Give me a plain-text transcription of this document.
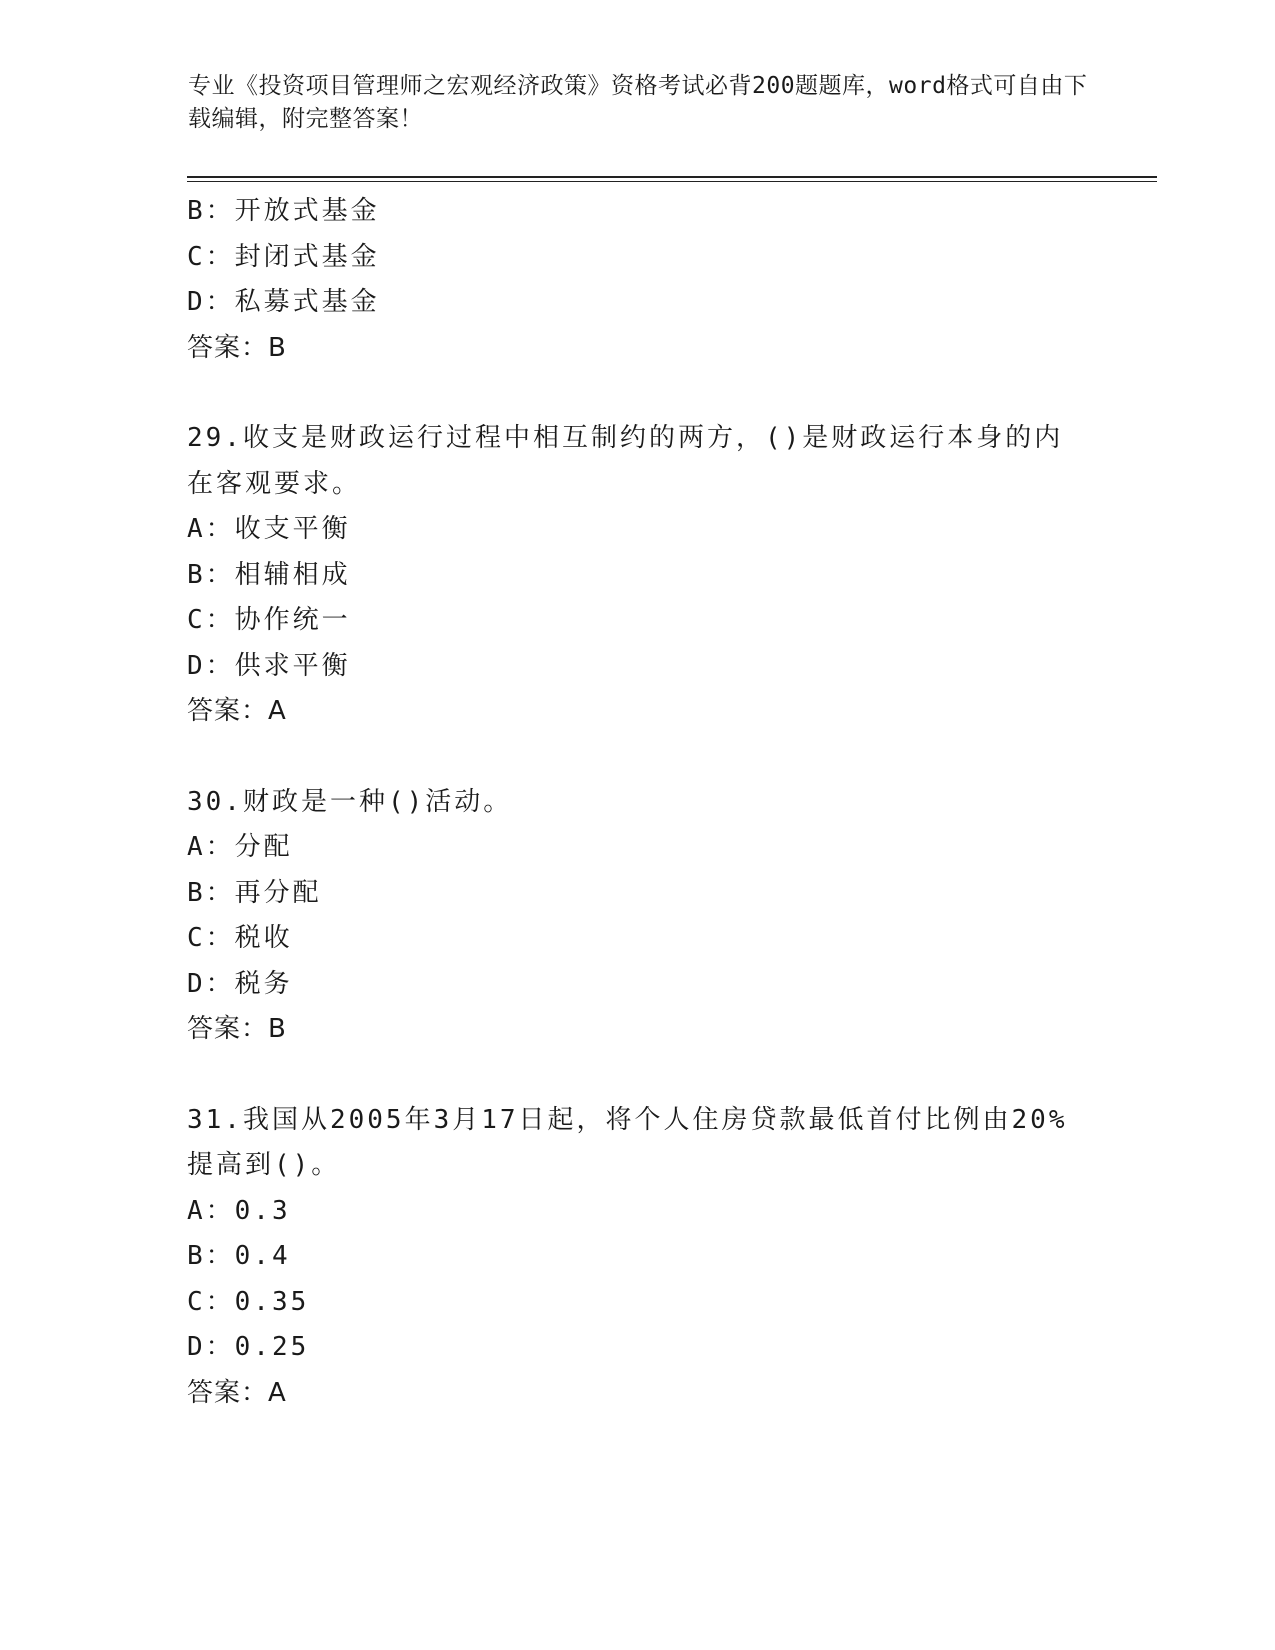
专业《投资项目管理师之宏观经济政策》资格考试必背200题题库，word格式可自由下载编辑，附完整答案！
B：开放式基金
C：封闭式基金
D：私募式基金
答案：B
29.收支是财政运行过程中相互制约的两方，()是财政运行本身的内在客观要求。
A：收支平衡
B：相辅相成
C：协作统一
D：供求平衡
答案：A
30.财政是一种()活动。
A：分配
B：再分配
C：税收
D：税务
答案：B
31.我国从2005年3月17日起，将个人住房贷款最低首付比例由20%提高到()。
A：0.3
B：0.4
C：0.35
D：0.25
答案：A
